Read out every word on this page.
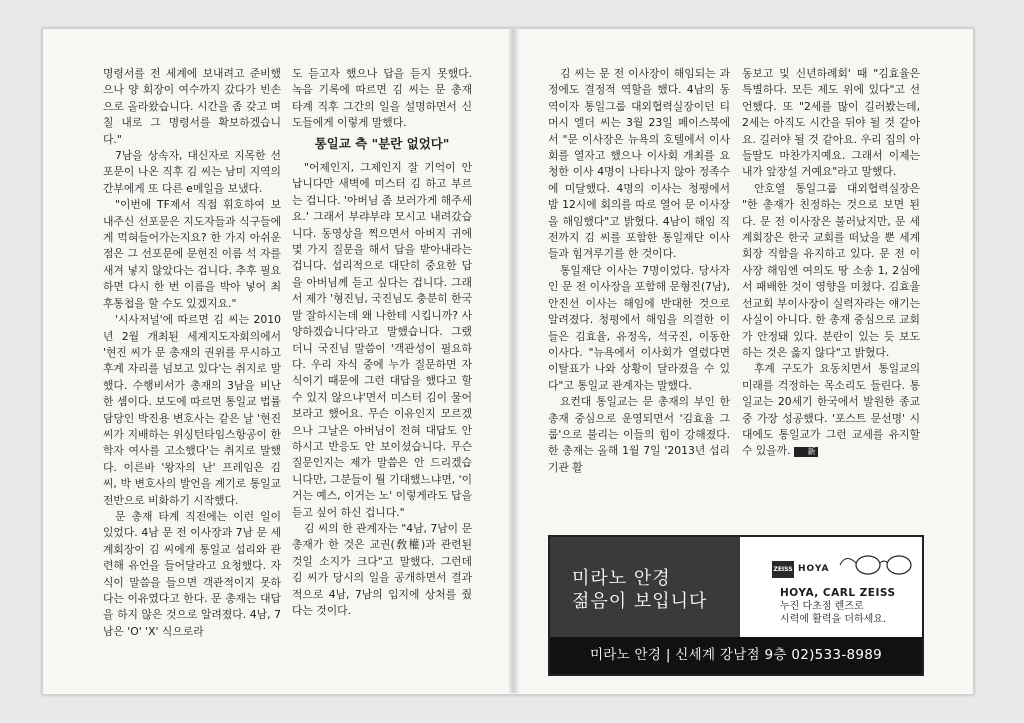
명령서를 전 세계에 보내려고 준비했으나 양 회장이 여수까지 갔다가 빈손으로 올라왔습니다. 시간을 좀 갖고 며칠 내로 그 명령서를 확보하겠습니다."

7남을 상속자, 대신자로 지목한 선포문이 나온 직후 김 씨는 남미 지역의 간부에게 또 다른 e메일을 보냈다.

"이번에 TF제서 직접 휘호하여 보내주신 선포문은 지도자들과 식구들에게 먹혀들어가는지요? 한 가지 아쉬운 점은 그 선포문에 문현진 이름 석 자를 새겨 넣지 않았다는 겁니다. 추후 필요하면 다시 한 번 이름을 박아 넣어 최후통첩을 할 수도 있겠지요."

'시사저널'에 따르면 김 씨는 2010년 2월 개최된 세계지도자회의에서 '현진 씨가 문 총재의 권위를 무시하고 후계 자리를 넘보고 있다'는 취지로 말했다. 수행비서가 총재의 3남을 비난한 셈이다. 보도에 따르면 통일교 법률담당인 박진용 변호사는 같은 날 '현진 씨가 지배하는 위싱턴타임스항공이 한학자 여사를 고소했다'는 취지로 말했다. 이른바 '왕자의 난' 프레임은 김 씨, 박 변호사의 발언을 계기로 통일교 전반으로 비화하기 시작했다.

문 총재 타계 직전에는 이런 일이 있었다. 4남 문 전 이사장과 7남 문 세계회장이 김 씨에게 통일교 섭리와 관련해 유언을 들어달라고 요청했다. 자식이 말씀을 들으면 객관적이지 못하다는 이유였다고 한다. 문 총재는 대답을 하지 않은 것으로 알려졌다. 4남, 7남은 'O' 'X' 식으로라

도 듣고자 했으나 답을 듣지 못했다. 녹음 기록에 따르면 김 씨는 문 총재 타계 직후 그간의 일을 설명하면서 신도들에게 이렇게 말했다.

통일교 측 "분란 없었다"

"어제인지, 그제인지 잘 기억이 안 납니다만 새벽에 미스터 김 하고 부르는 겁니다. '아버님 좀 보러가게 해주세요.' 그래서 부랴부랴 모시고 내려갔습니다. 동영상을 찍으면서 아버지 귀에 몇 가지 질문을 해서 답을 받아내라는 겁니다. 섭리적으로 대단히 중요한 답을 아버님께 듣고 싶다는 겁니다. 그래서 제가 '형진님, 국진님도 충분히 한국말 잘하시는데 왜 나한테 시킵니까? 사양하겠습니다'라고 말했습니다. 그랬더니 국진님 말씀이 '객관성이 필요하다. 우리 자식 중에 누가 질문하면 자식이기 때문에 그런 대답을 했다고 할 수 있지 않으냐'면서 미스터 김이 물어보라고 했어요. 무슨 이유인지 모르겠으나 그날은 아버님이 전혀 대답도 안 하시고 반응도 안 보이셨습니다. 무슨 질문인지는 제가 말씀은 안 드리겠습니다만, 그분들이 뭘 기대했느냐면, '이거는 예스, 이거는 노' 이렇게라도 답을 듣고 싶어 하신 겁니다."

김 씨의 한 관계자는 "4남, 7남이 문 총재가 한 것은 교권(敎權)과 관련된 것일 소지가 크다"고 말했다. 그런데 김 씨가 당시의 일을 공개하면서 결과적으로 4남, 7남의 입지에 상처를 줬다는 것이다.

김 씨는 문 전 이사장이 해임되는 과정에도 결정적 역할을 했다. 4남의 동역이자 통일그룹 대외협력실장이던 티머시 엘더 씨는 3월 23일 페이스북에서 "문 이사장은 뉴욕의 호텔에서 이사회를 열자고 했으나 이사회 개최를 요청한 이사 4명이 나타나지 않아 정족수에 미달했다. 4명의 이사는 청평에서 밤 12시에 회의를 따로 열어 문 이사장을 해임했다"고 밝혔다. 4남이 해임 직전까지 김 씨를 포함한 통일재단 이사들과 힘겨루기를 한 것이다.

통일재단 이사는 7명이었다. 당사자인 문 전 이사장을 포함해 문형진(7남), 안진선 이사는 해임에 반대한 것으로 알려졌다. 청평에서 해임을 의결한 이들은 김효율, 유정옥, 석국진, 이동한 이사다. "뉴욕에서 이사회가 열렸다면 이탈표가 나와 상황이 달라졌을 수 있다"고 통일교 관계자는 말했다.

요컨대 통일교는 문 총재의 부인 한 총재 중심으로 운영되면서 '김효율 그룹'으로 불리는 이들의 힘이 강해졌다. 한 총재는 올해 1월 7일 '2013년 섭리기관 활

동보고 및 신년하례회' 때 "김효율은 특별하다. 모든 제도 위에 있다"고 선언했다. 또 "2세를 많이 길러봤는데, 2세는 아직도 시간을 뒤야 될 것 같아요. 길러야 될 것 같아요. 우리 집의 아들딸도 마찬가지예요. 그래서 이제는 내가 앞장설 거예요"라고 말했다.

안호열 통일그룹 대외협력실장은 "한 총재가 친정하는 것으로 보면 된다. 문 전 이사장은 불러났지만, 문 세계회장은 한국 교회를 떠났을 뿐 세계회장 직함을 유지하고 있다. 문 전 이사장 해임엔 여의도 땅 소송 1, 2심에서 패배한 것이 영향을 미쳤다. 김효율 선교회 부이사장이 실력자라는 얘기는 사실이 아니다. 한 총재 중심으로 교회가 안정돼 있다. 분란이 있는 듯 보도하는 것은 옳지 않다"고 밝혔다.

후계 구도가 요동치면서 통일교의 미래를 걱정하는 목소리도 들린다. 통일교는 20세기 한국에서 발원한 종교 중 가장 성공했다. '포스트 문선명' 시대에도 통일교가 그런 교세를 유지할 수 있을까. 新

미라노 안경
젊음이 보입니다
ZEISS HOYA
HOYA, CARL ZEISS
누진 다초점 렌즈로
시력에 활력을 더하세요.
미라노 안경 | 신세계 강남점 9층 02)533-8989
